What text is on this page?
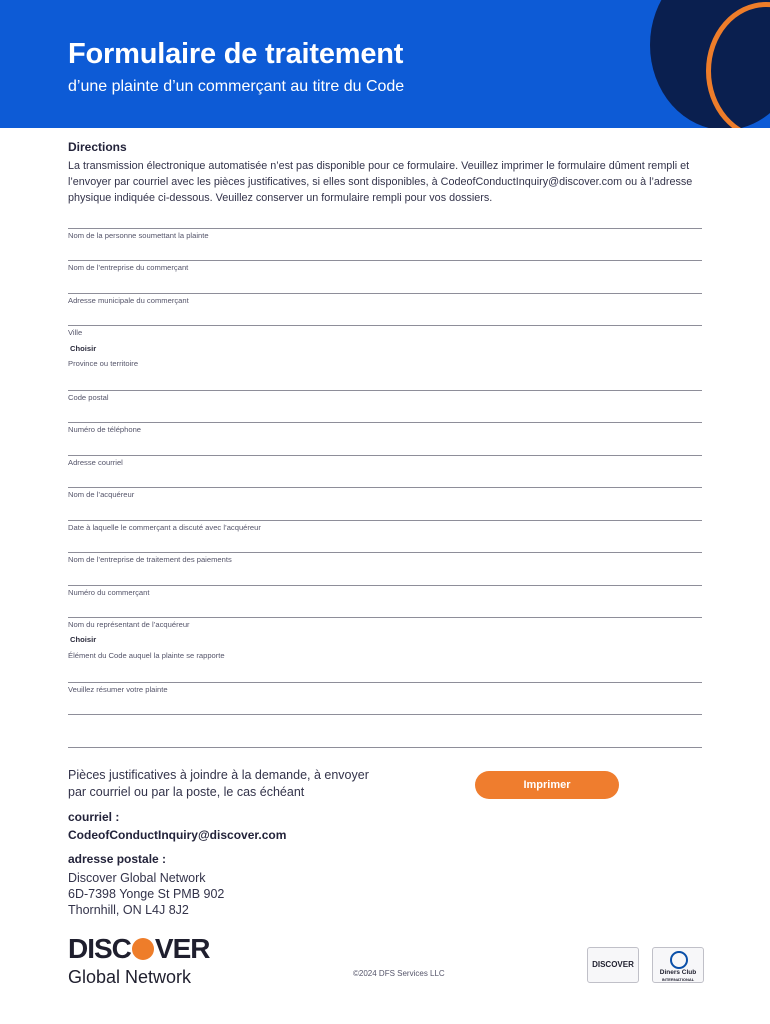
Formulaire de traitement

d’une plainte d’un commerçant au titre du Code

Directions
La transmission électronique automatisée n’est pas disponible pour ce formulaire. Veuillez imprimer le formulaire dûment rempli et l’envoyer par courriel avec les pièces justificatives, si elles sont disponibles, à CodeofConductInquiry@discover.com ou à l’adresse physique indiquée ci-dessous. Veuillez conserver un formulaire rempli pour vos dossiers.
Nom de la personne soumettant la plainte
Nom de l’entreprise du commerçant
Adresse municipale du commerçant
Ville
Choisir
Province ou territoire
Code postal
Numéro de téléphone
Adresse courriel
Nom de l’acquéreur
Date à laquelle le commerçant a discuté avec l’acquéreur
Nom de l’entreprise de traitement des paiements
Numéro du commerçant
Nom du représentant de l’acquéreur
Choisir
Élément du Code auquel la plainte se rapporte
Veuillez résumer votre plainte
Pièces justificatives à joindre à la demande, à envoyer
par courriel ou par la poste, le cas échéant	Imprimer
courriel :
CodeofConductInquiry@discover.com
adresse postale :
Discover Global Network
6D-7398 Yonge St PMB 902
Thornhill, ON L4J 8J2
DISC VER
Global Network	©2024 DFS Services LLC
DISCOVER
Diners Club
INTERNATIONAL
